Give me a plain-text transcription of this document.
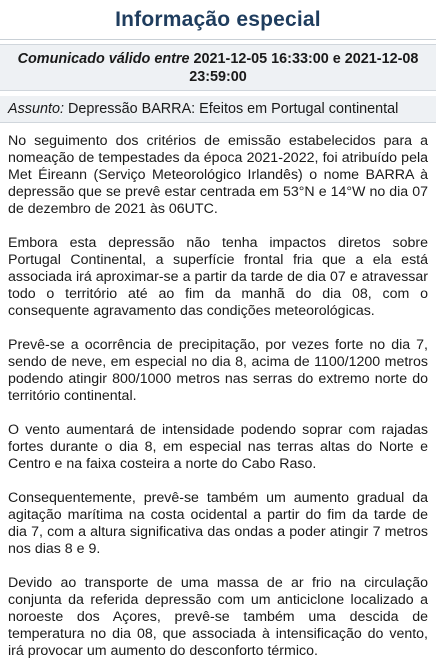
Informação especial
Comunicado válido entre 2021-12-05 16:33:00 e 2021-12-08 23:59:00
Assunto: Depressão BARRA: Efeitos em Portugal continental

No seguimento dos critérios de emissão estabelecidos para a nomeação de tempestades da época 2021-2022, foi atribuído pela Met Éireann (Serviço Meteorológico Irlandês) o nome BARRA à depressão que se prevê estar centrada em 53°N e 14°W no dia 07 de dezembro de 2021 às 06UTC.

Embora esta depressão não tenha impactos diretos sobre Portugal Continental, a superfície frontal fria que a ela está associada irá aproximar-se a partir da tarde de dia 07 e atravessar todo o território até ao fim da manhã do dia 08, com o consequente agravamento das condições meteorológicas.

Prevê-se a ocorrência de precipitação, por vezes forte no dia 7, sendo de neve, em especial no dia 8, acima de 1100/1200 metros podendo atingir 800/1000 metros nas serras do extremo norte do território continental.

O vento aumentará de intensidade podendo soprar com rajadas fortes durante o dia 8, em especial nas terras altas do Norte e Centro e na faixa costeira a norte do Cabo Raso.

Consequentemente, prevê-se também um aumento gradual da agitação marítima na costa ocidental a partir do fim da tarde de dia 7, com a altura significativa das ondas a poder atingir 7 metros nos dias 8 e 9.

Devido ao transporte de uma massa de ar frio na circulação conjunta da referida depressão com um anticiclone localizado a noroeste dos Açores, prevê-se também uma descida de temperatura no dia 08, que associada à intensificação do vento, irá provocar um aumento do desconforto térmico.
